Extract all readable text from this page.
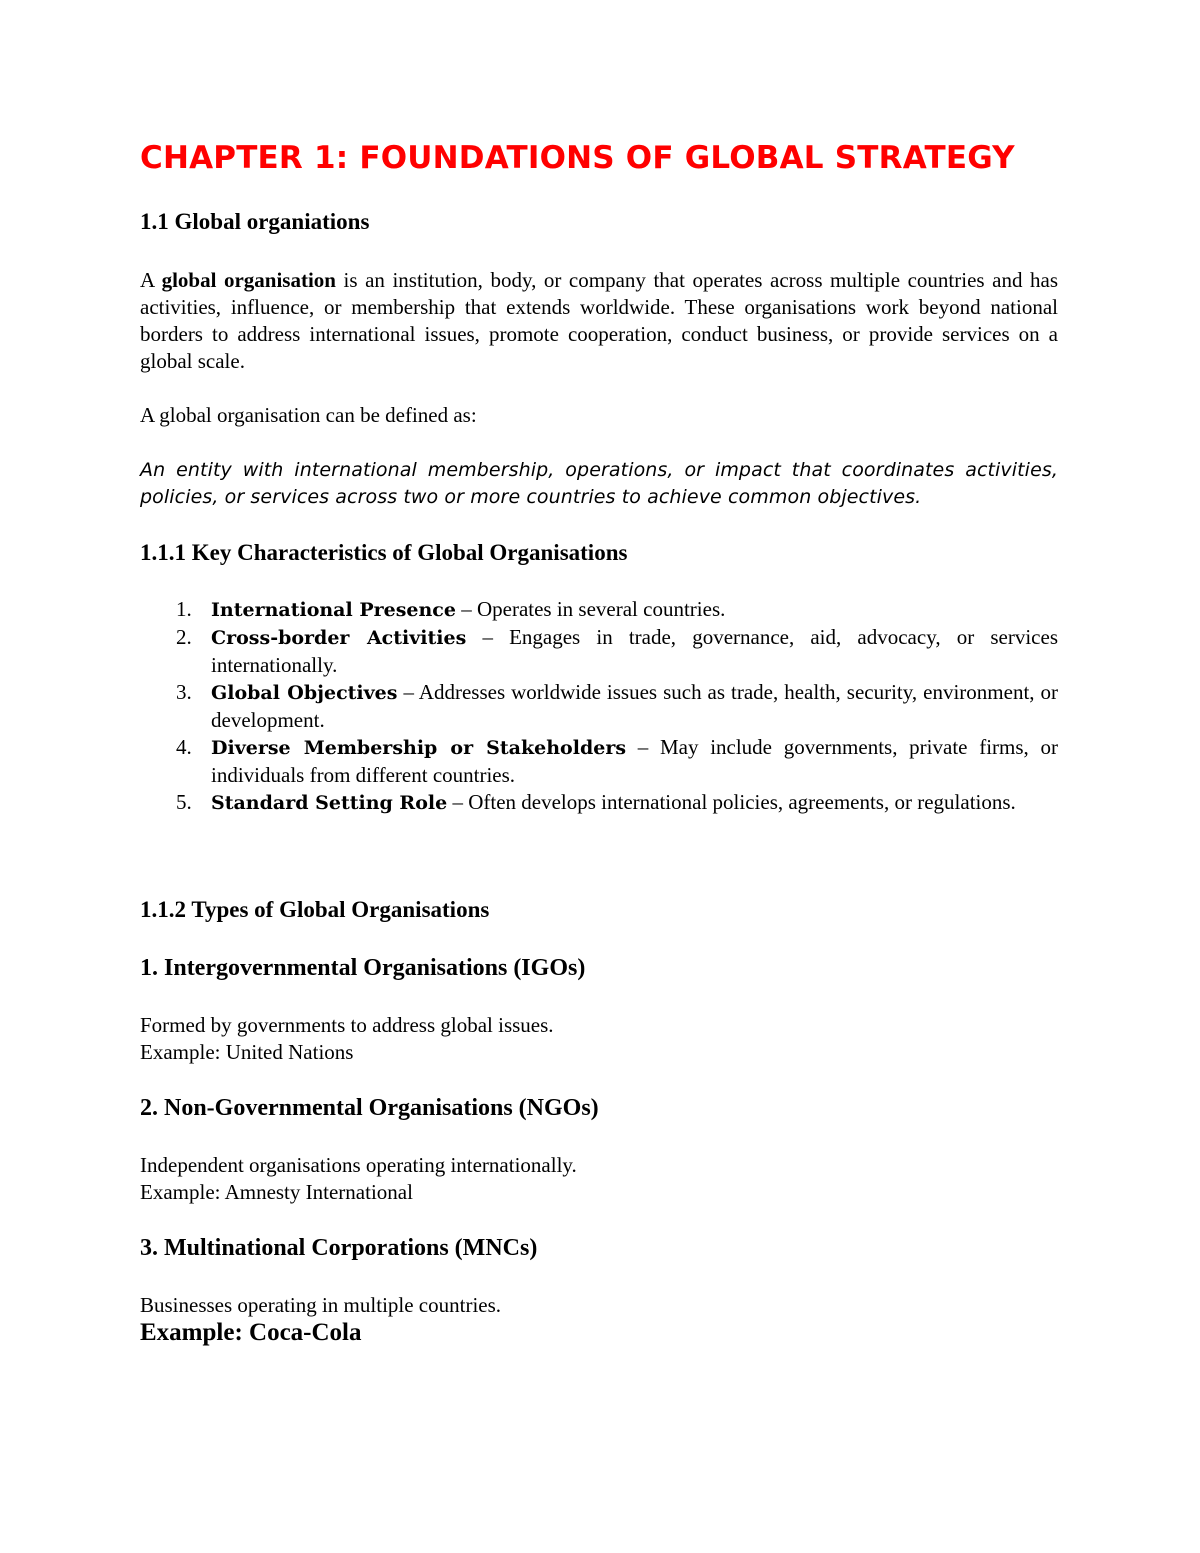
CHAPTER 1: FOUNDATIONS OF GLOBAL STRATEGY
1.1 Global organiations

A global organisation is an institution, body, or company that operates across multiple countries and has activities, influence, or membership that extends worldwide. These organisations work beyond national borders to address international issues, promote cooperation, conduct business, or provide services on a global scale.

A global organisation can be defined as:

An entity with international membership, operations, or impact that coordinates activities, policies, or services across two or more countries to achieve common objectives.

1.1.1 Key Characteristics of Global Organisations
1. International Presence – Operates in several countries.
2. Cross-border Activities – Engages in trade, governance, aid, advocacy, or services internationally.
3. Global Objectives – Addresses worldwide issues such as trade, health, security, environment, or development.
4. Diverse Membership or Stakeholders – May include governments, private firms, or individuals from different countries.
5. Standard Setting Role – Often develops international policies, agreements, or regulations.
1.1.2 Types of Global Organisations
1. Intergovernmental Organisations (IGOs)

Formed by governments to address global issues.

Example: United Nations

2. Non-Governmental Organisations (NGOs)

Independent organisations operating internationally.

Example: Amnesty International

3. Multinational Corporations (MNCs)

Businesses operating in multiple countries.

Example: Coca-Cola
